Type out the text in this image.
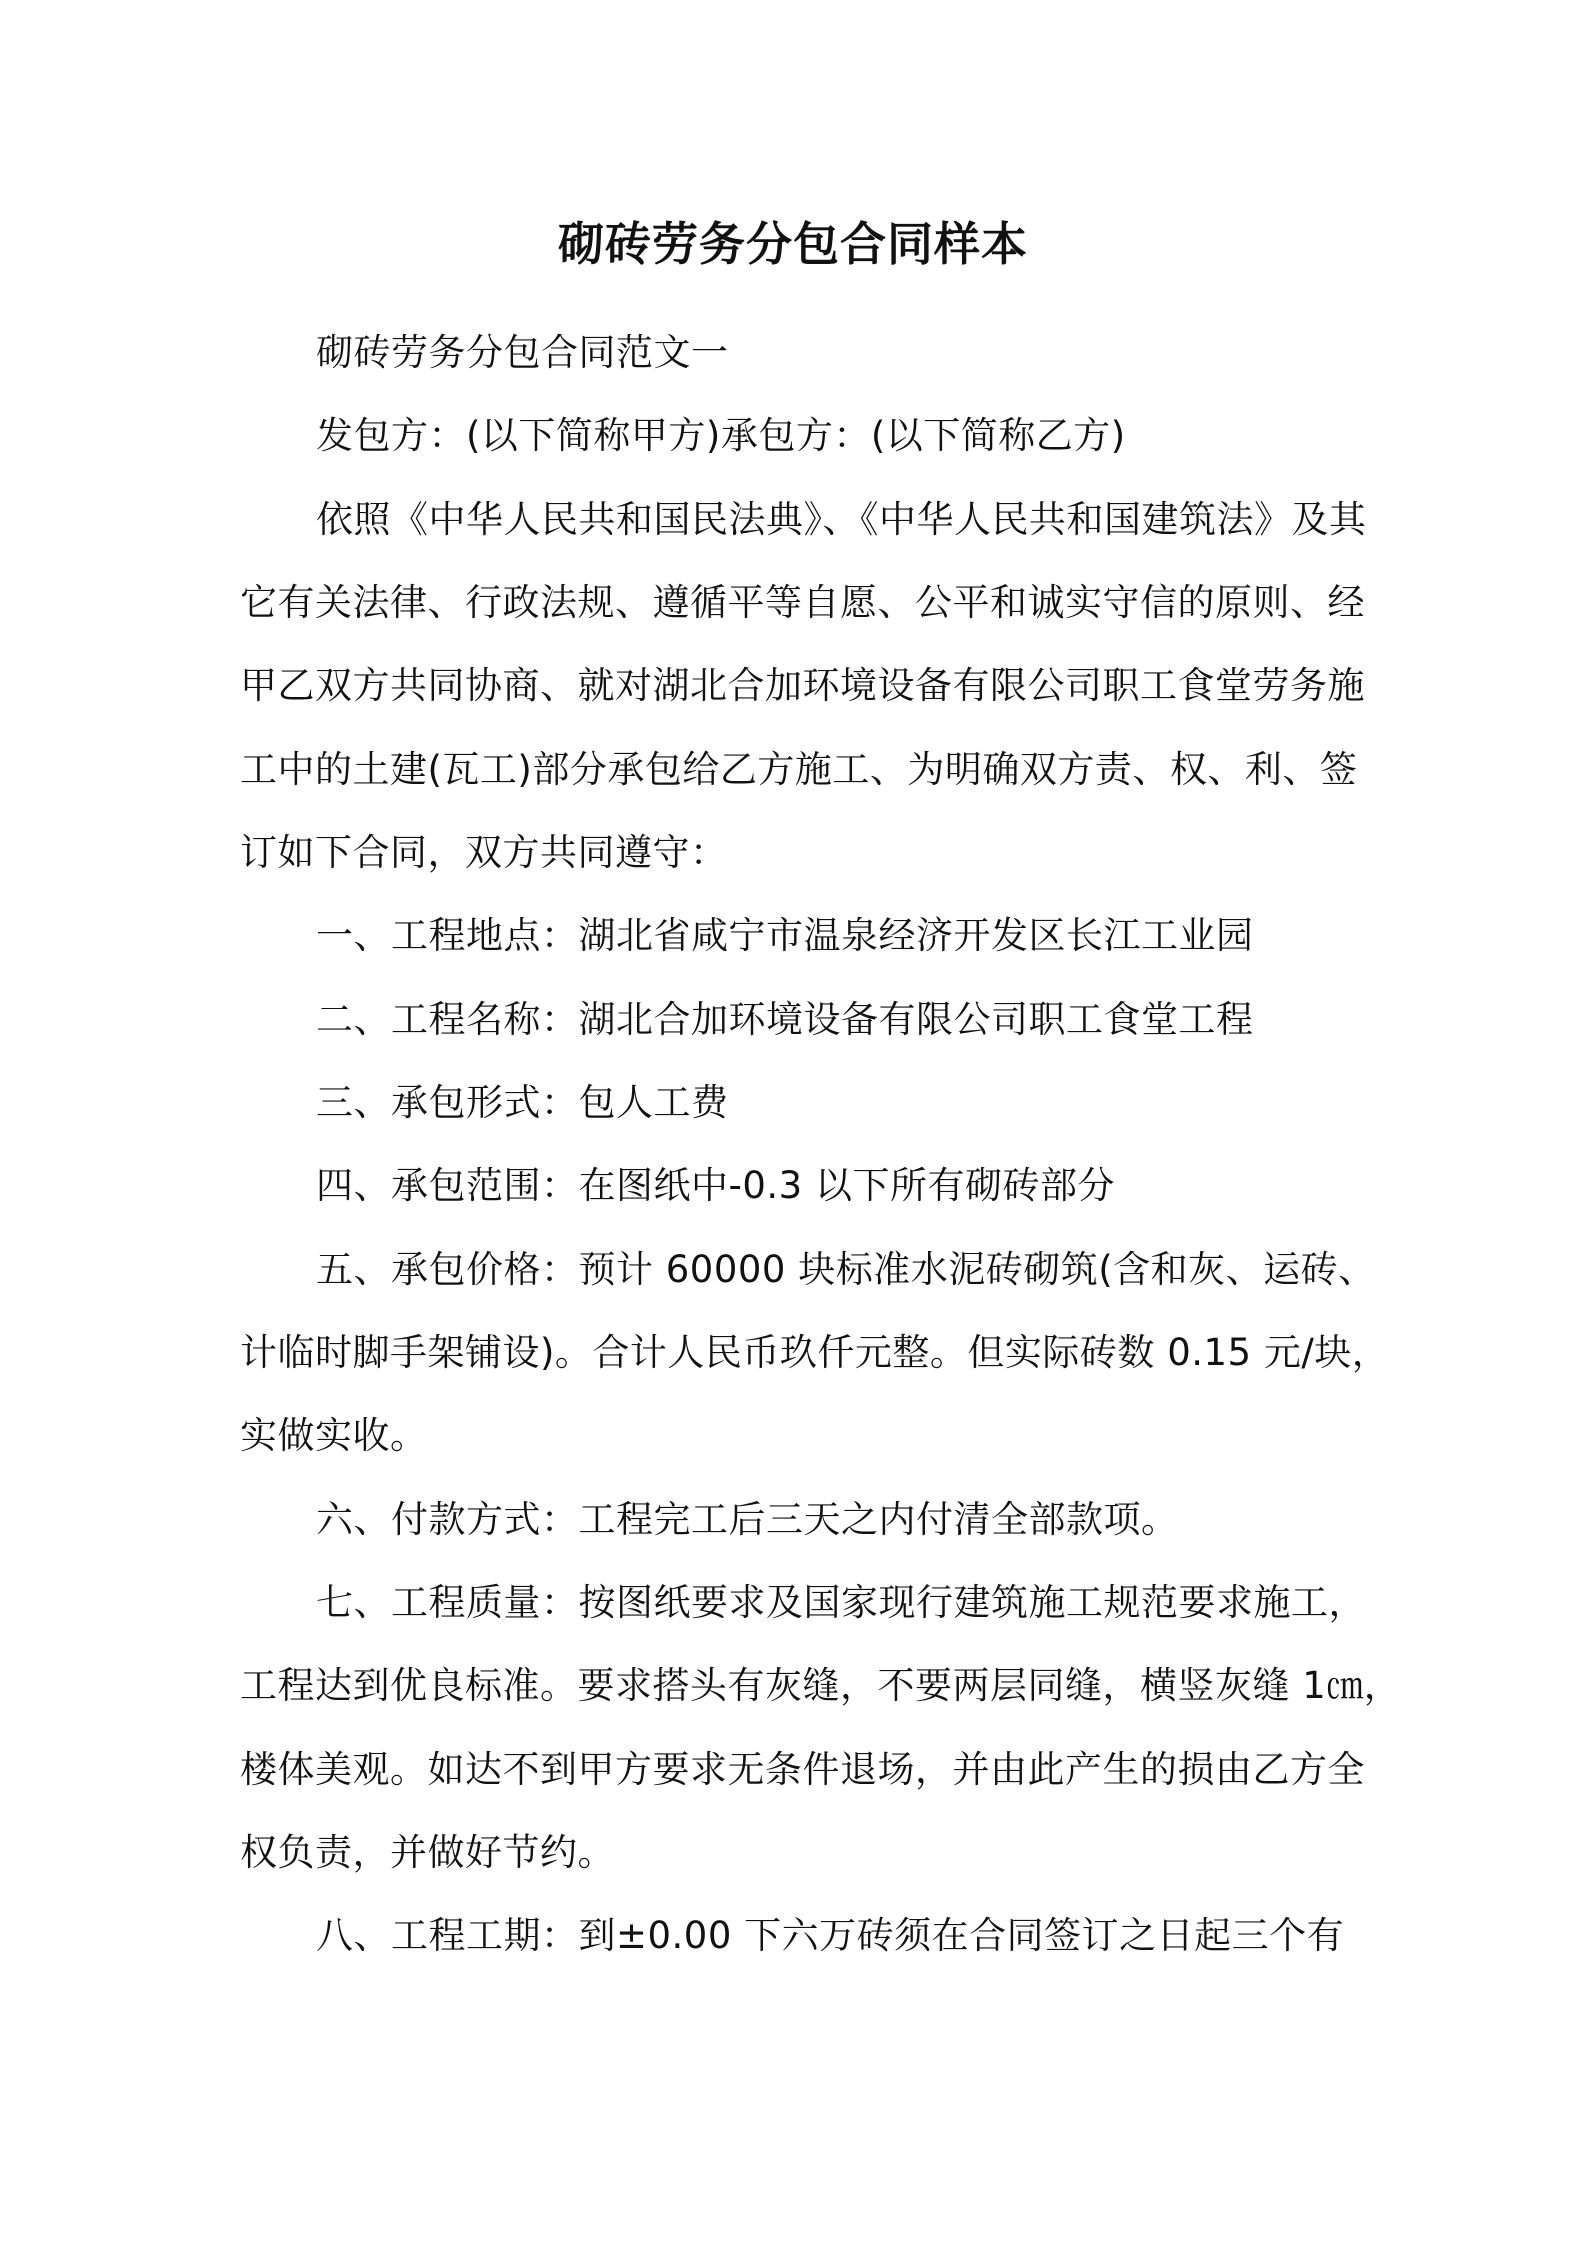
砌砖劳务分包合同样本
砌砖劳务分包合同范文一
发包方：(以下简称甲方)承包方：(以下简称乙方)
依照《中华人民共和国民法典》、《中华人民共和国建筑法》及其
它有关法律、行政法规、遵循平等自愿、公平和诚实守信的原则、经
甲乙双方共同协商、就对湖北合加环境设备有限公司职工食堂劳务施
工中的土建(瓦工)部分承包给乙方施工、为明确双方责、权、利、签
订如下合同，双方共同遵守：
一、工程地点：湖北省咸宁市温泉经济开发区长江工业园
二、工程名称：湖北合加环境设备有限公司职工食堂工程
三、承包形式：包人工费
四、承包范围：在图纸中-0.3 以下所有砌砖部分
五、承包价格：预计 60000 块标准水泥砖砌筑(含和灰、运砖、
计临时脚手架铺设)。合计人民币玖仟元整。但实际砖数 0.15 元/块，
实做实收。
六、付款方式：工程完工后三天之内付清全部款项。
七、工程质量：按图纸要求及国家现行建筑施工规范要求施工，
工程达到优良标准。要求搭头有灰缝，不要两层同缝，横竖灰缝 1㎝，
楼体美观。如达不到甲方要求无条件退场，并由此产生的损由乙方全
权负责，并做好节约。
八、工程工期：到±0.00 下六万砖须在合同签订之日起三个有
